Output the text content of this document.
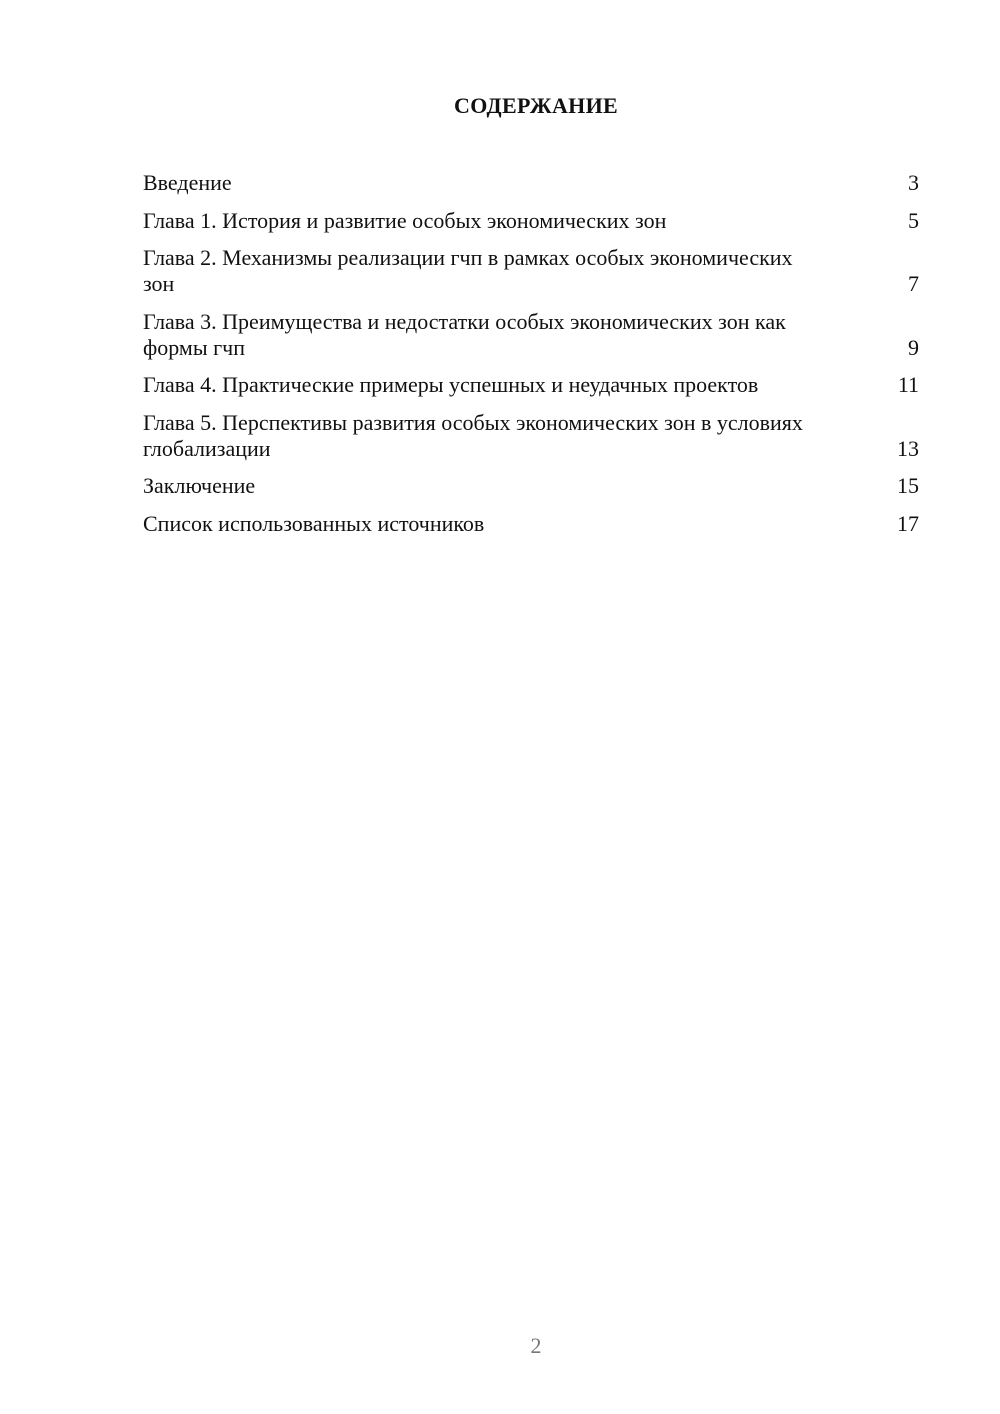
СОДЕРЖАНИЕ
Введение	3
Глава 1. История и развитие особых экономических зон	5
Глава 2. Механизмы реализации гчп в рамках особых экономических зон	7
Глава 3. Преимущества и недостатки особых экономических зон как формы гчп	9
Глава 4. Практические примеры успешных и неудачных проектов	11
Глава 5. Перспективы развития особых экономических зон в условиях глобализации	13
Заключение	15
Список использованных источников	17
2
